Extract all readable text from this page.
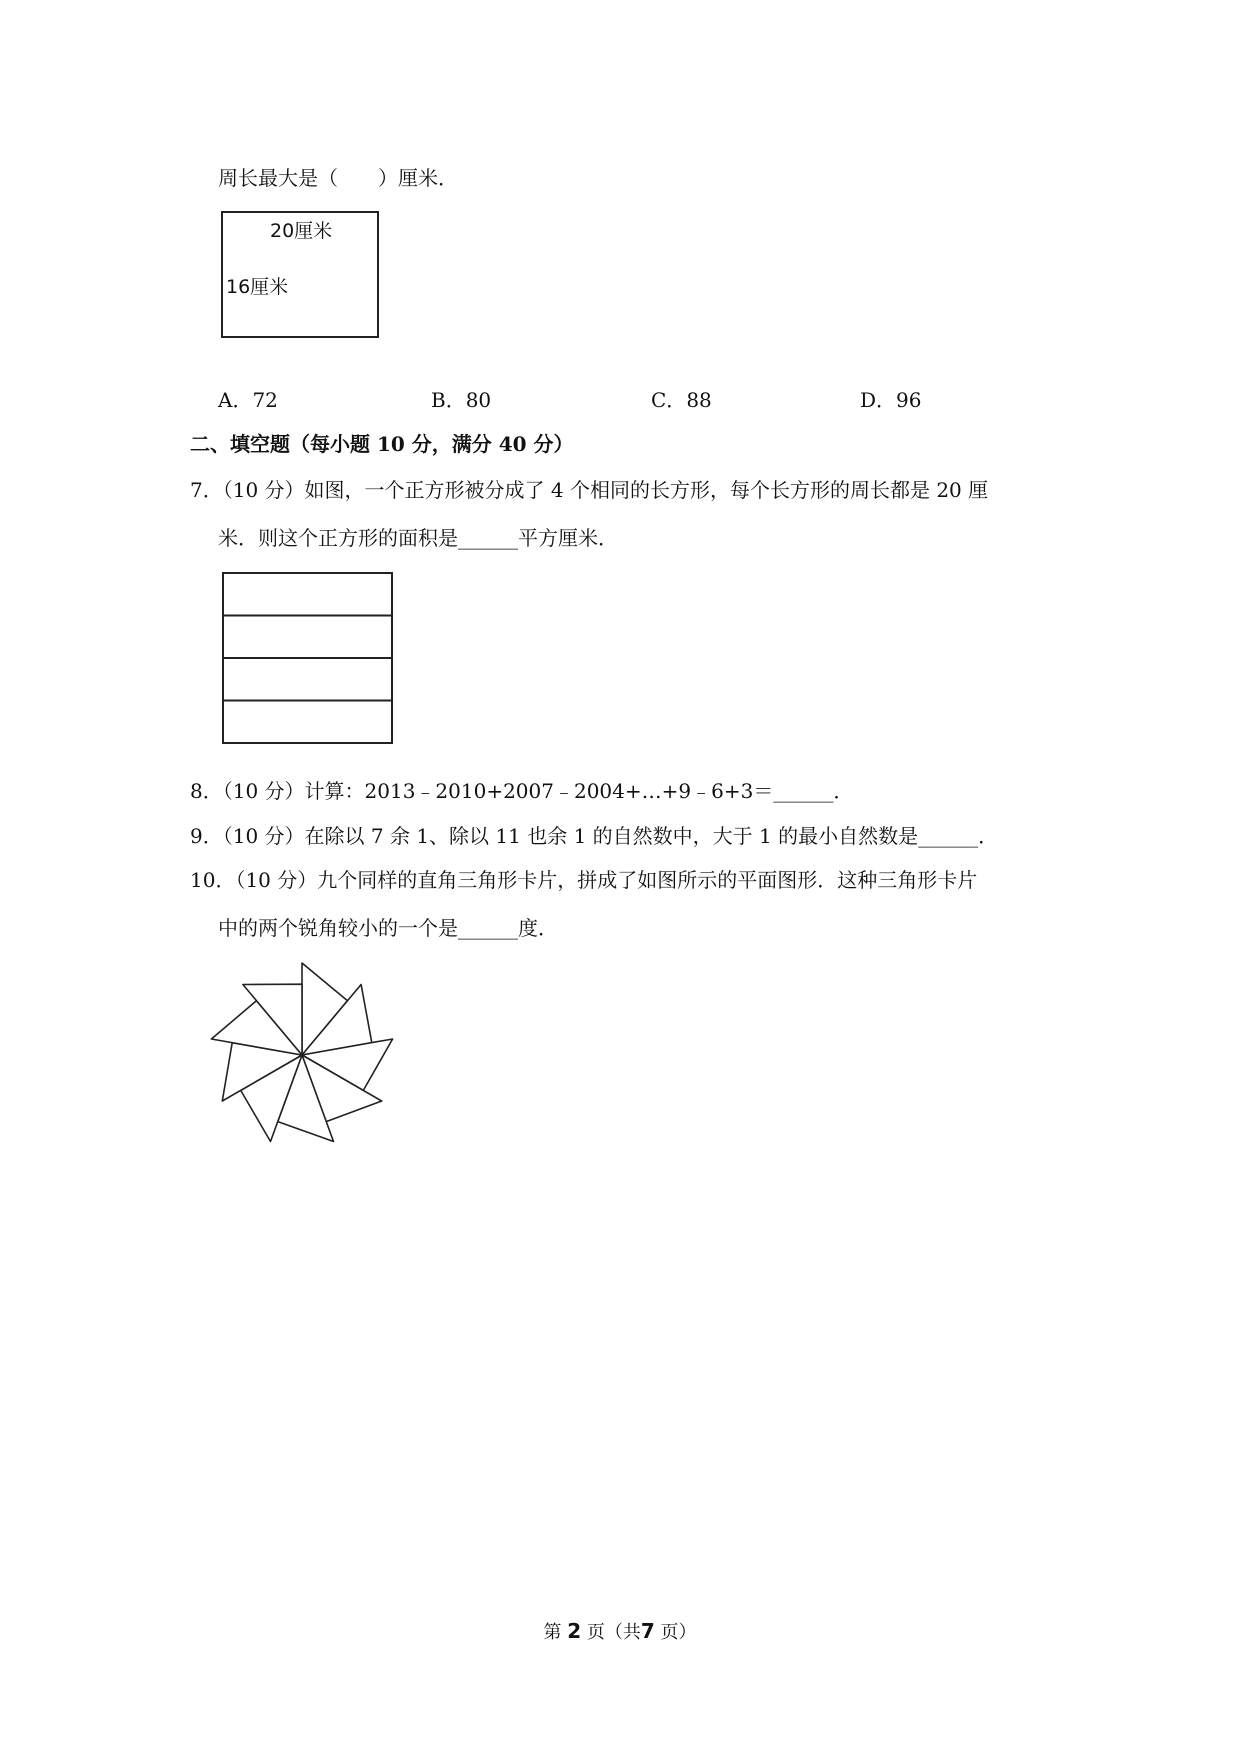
周长最大是（　　）厘米．
20厘米
16厘米
A．72	B．80	C．88	D．96
二、填空题（每小题 10 分，满分 40 分）
7．（10 分）如图，一个正方形被分成了 4 个相同的长方形，每个长方形的周长都是 20 厘
米．则这个正方形的面积是______平方厘米．
8．（10 分）计算：2013﹣2010+2007﹣2004+…+9﹣6+3＝______．
9．（10 分）在除以 7 余 1、除以 11 也余 1 的自然数中，大于 1 的最小自然数是______．
10．（10 分）九个同样的直角三角形卡片，拼成了如图所示的平面图形．这种三角形卡片
中的两个锐角较小的一个是______度．
第 2 页（共7 页）
